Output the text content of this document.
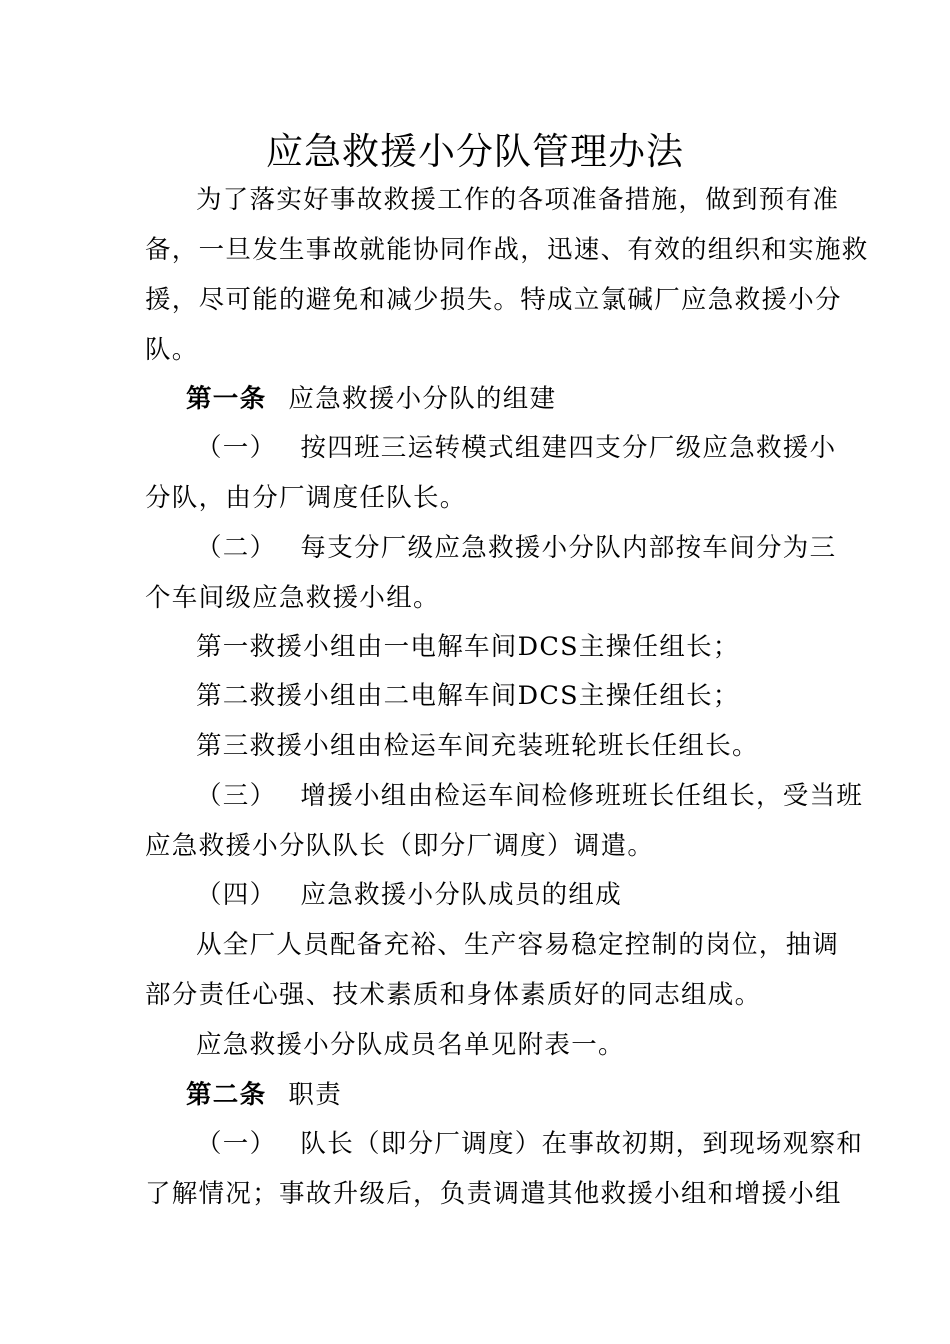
应急救援小分队管理办法
为了落实好事故救援工作的各项准备措施，做到预有准
备，一旦发生事故就能协同作战，迅速、有效的组织和实施救
援，尽可能的避免和减少损失。特成立氯碱厂应急救援小分
队。
第一条 应急救援小分队的组建
（一） 按四班三运转模式组建四支分厂级应急救援小
分队，由分厂调度任队长。
（二） 每支分厂级应急救援小分队内部按车间分为三
个车间级应急救援小组。
第一救援小组由一电解车间DCS主操任组长；
第二救援小组由二电解车间DCS主操任组长；
第三救援小组由检运车间充装班轮班长任组长。
（三） 增援小组由检运车间检修班班长任组长，受当班
应急救援小分队队长（即分厂调度）调遣。
（四） 应急救援小分队成员的组成
从全厂人员配备充裕、生产容易稳定控制的岗位，抽调
部分责任心强、技术素质和身体素质好的同志组成。
应急救援小分队成员名单见附表一。
第二条 职责
（一） 队长（即分厂调度）在事故初期，到现场观察和
了解情况；事故升级后，负责调遣其他救援小组和增援小组
